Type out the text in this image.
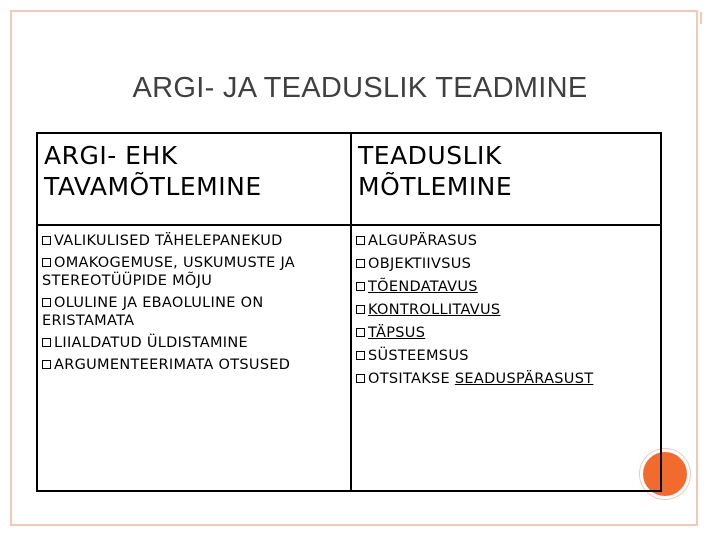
ARGI- JA TEADUSLIK TEADMINE
ARGI- EHK
TAVAMÕTLEMINE
TEADUSLIK
MÕTLEMINE
VALIKULISED TÄHELEPANEKUD
OMAKOGEMUSE, USKUMUSTE JA STEREOTÜÜPIDE MÕJU
OLULINE JA EBAOLULINE ON ERISTAMATA
LIIALDATUD ÜLDISTAMINE
ARGUMENTEERIMATA OTSUSED
ALGUPÄRASUS
OBJEKTIIVSUS
TÕENDATAVUS
KONTROLLITAVUS
TÄPSUS
SÜSTEEMSUS
OTSITAKSE SEADUSPÄRASUST
